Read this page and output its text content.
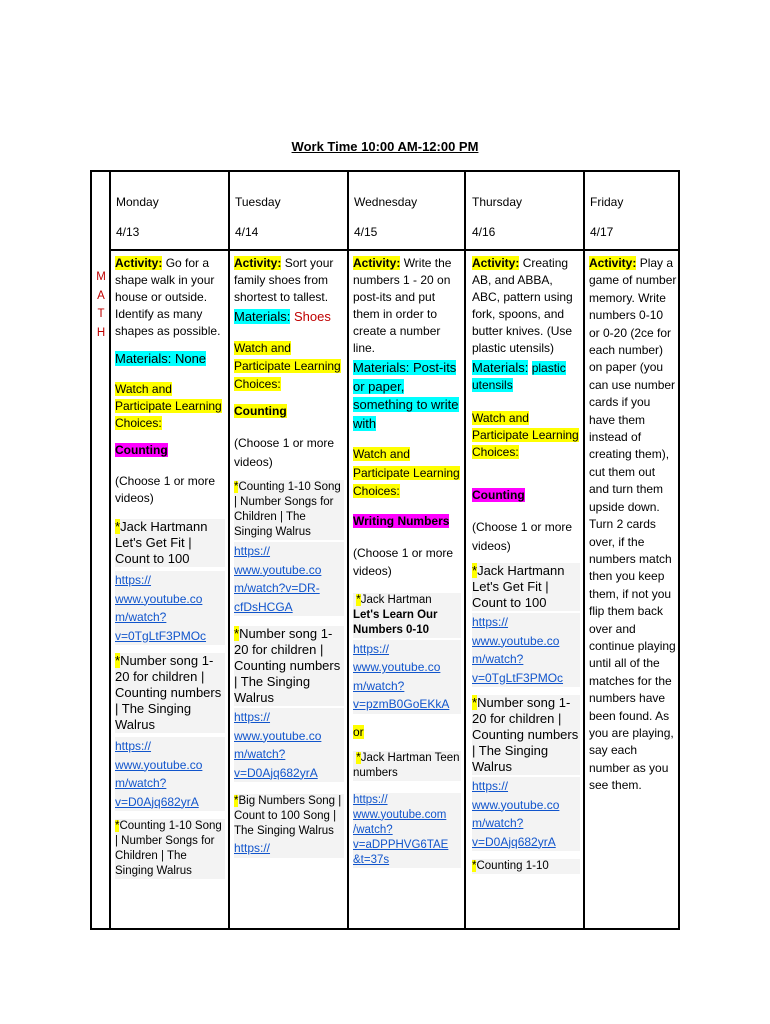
Work Time 10:00 AM-12:00 PM
Monday
4/13
Tuesday
4/14
Wednesday
4/15
Thursday
4/16
Friday
4/17
M
A
T
H

Activity: Go for a shape walk in your house or outside. Identify as many shapes as possible.

Materials: None

Watch and Participate Learning Choices:

Counting

(Choose 1 or more videos)

*Jack Hartmann Let's Get Fit | Count to 100

https:// www.youtube.co m/watch? v=0TgLtF3PMOc

*Number song 1-20 for children | Counting numbers | The Singing Walrus

https:// www.youtube.co m/watch? v=D0Ajq682yrA

*Counting 1-10 Song | Number Songs for Children | The Singing Walrus

Activity: Sort your family shoes from shortest to tallest.

Materials: Shoes

Watch and Participate Learning Choices:

Counting

(Choose 1 or more videos)

*Counting 1-10 Song | Number Songs for Children | The Singing Walrus

https:// www.youtube.co m/watch?v=DR-cfDsHCGA

*Number song 1-20 for children | Counting numbers | The Singing Walrus

https:// www.youtube.co m/watch? v=D0Ajq682yrA

*Big Numbers Song | Count to 100 Song | The Singing Walrus

https://

Activity: Write the numbers 1 - 20 on post-its and put them in order to create a number line.

Materials: Post-its or paper, something to write with

Watch and Participate Learning Choices:

Writing Numbers

(Choose 1 or more videos)

*Jack Hartman Let's Learn Our Numbers 0-10

https:// www.youtube.co m/watch? v=pzmB0GoEKkA

or

*Jack Hartman Teen numbers

https:// www.youtube.com /watch? v=aDPPHVG6TAE &t=37s

Activity: Creating AB, and ABBA, ABC, pattern using fork, spoons, and butter knives. (Use plastic utensils)

Materials: plastic utensils

Watch and Participate Learning Choices:

Counting

(Choose 1 or more videos)

*Jack Hartmann Let's Get Fit | Count to 100

https:// www.youtube.co m/watch? v=0TgLtF3PMOc

*Number song 1-20 for children | Counting numbers | The Singing Walrus

https:// www.youtube.co m/watch? v=D0Ajq682yrA

*Counting 1-10

Activity: Play a game of number memory. Write numbers 0-10 or 0-20 (2ce for each number) on paper (you can use number cards if you have them instead of creating them), cut them out and turn them upside down. Turn 2 cards over, if the numbers match then you keep them, if not you flip them back over and continue playing until all of the matches for the numbers have been found. As you are playing, say each number as you see them.
